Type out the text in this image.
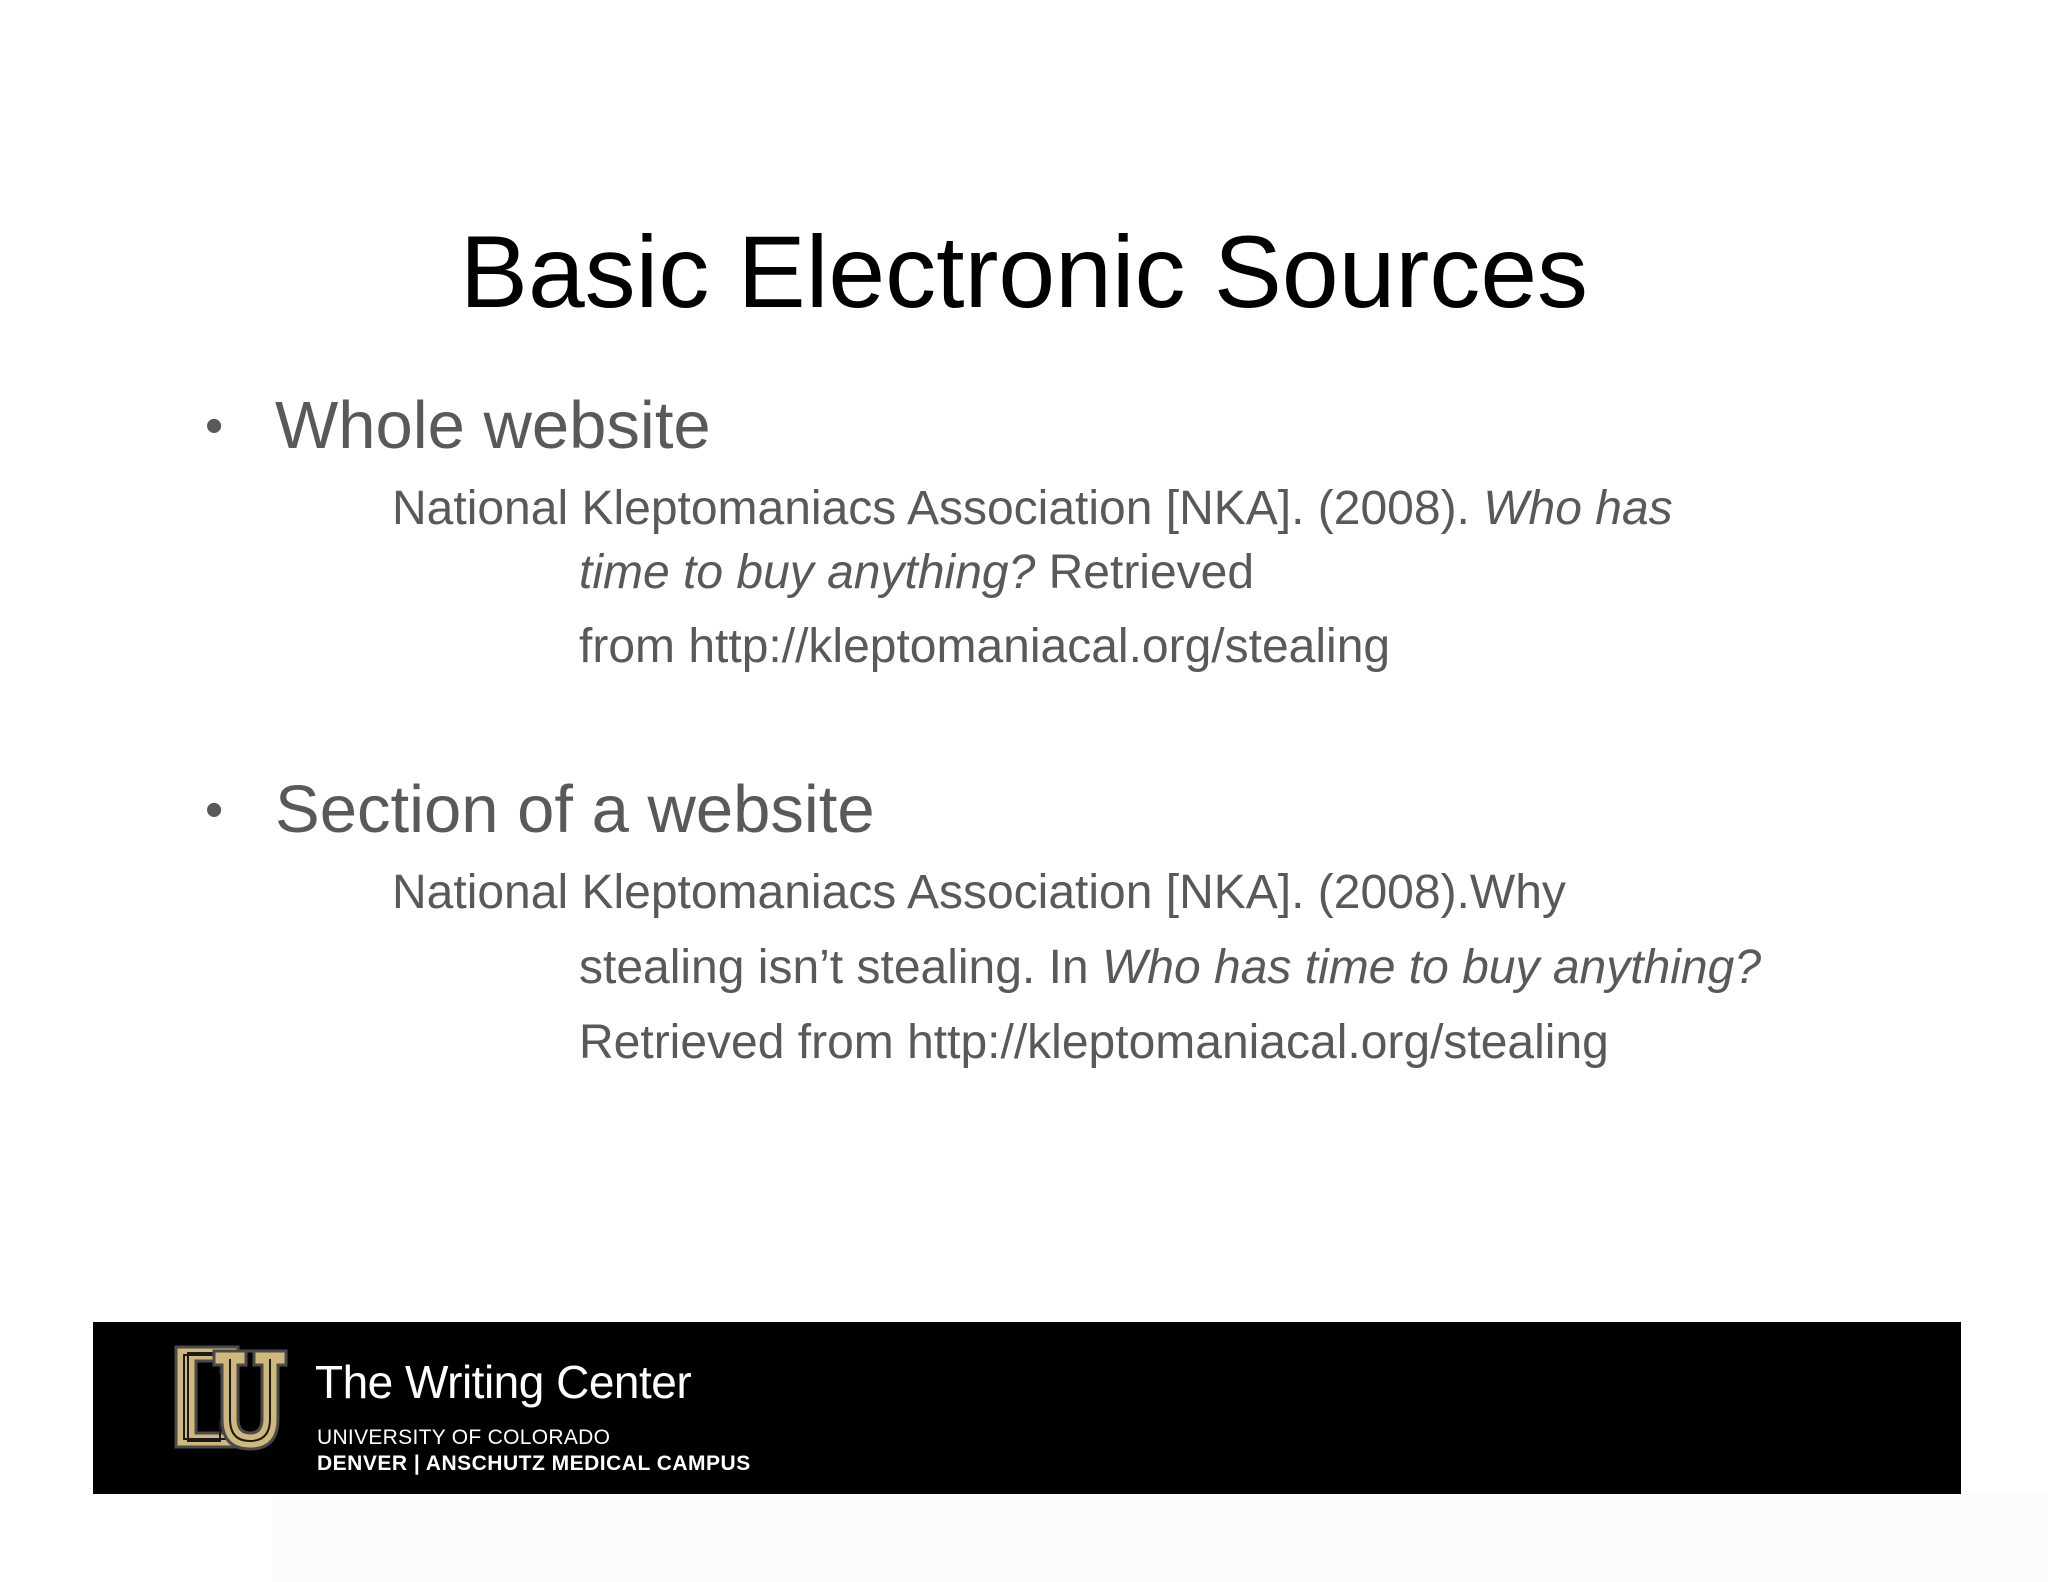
Basic Electronic Sources
• Whole website
National Kleptomaniacs Association [NKA]. (2008). Who has
time to buy anything? Retrieved
from http://kleptomaniacal.org/stealing
• Section of a website
National Kleptomaniacs Association [NKA]. (2008).Why
stealing isn’t stealing. In Who has time to buy anything?
Retrieved from http://kleptomaniacal.org/stealing
The Writing Center
UNIVERSITY OF COLORADO
DENVER | ANSCHUTZ MEDICAL CAMPUS
